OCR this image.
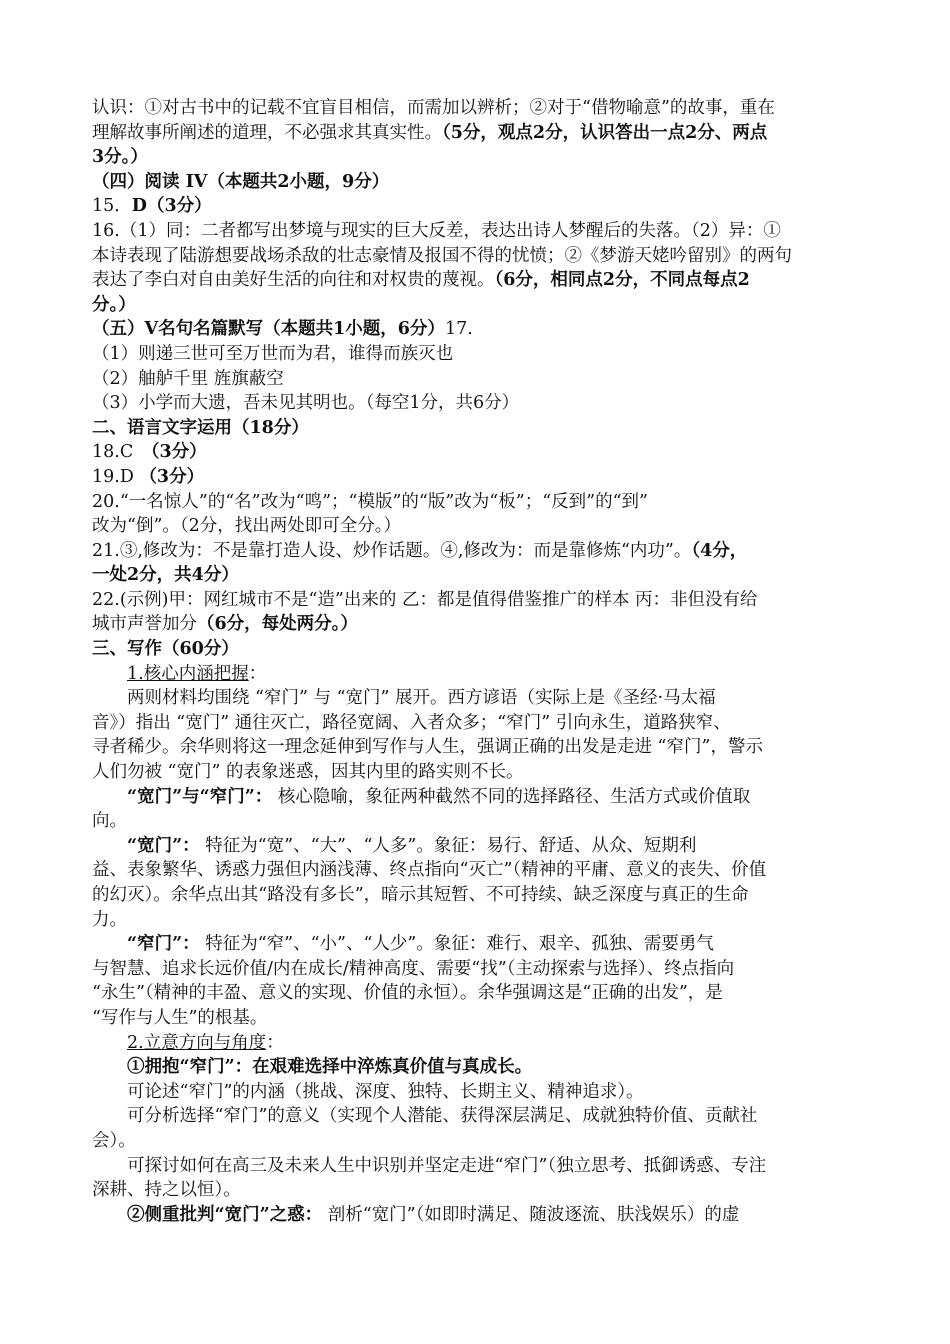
认识：①对古书中的记载不宜盲目相信，而需加以辨析；②对于“借物喻意”的故事，重在
理解故事所阐述的道理，不必强求其真实性。（5分，观点2分，认识答出一点2分、两点
3分。）
（四）阅读 IV（本题共2小题，9分）
15．D（3分）
16.（1）同：二者都写出梦境与现实的巨大反差，表达出诗人梦醒后的失落。（2）异：①
本诗表现了陆游想要战场杀敌的壮志豪情及报国不得的忧愤；②《梦游天姥吟留别》的两句
表达了李白对自由美好生活的向往和对权贵的蔑视。（6分，相同点2分，不同点每点2
分。）
（五）V名句名篇默写（本题共1小题，6分）17.
（1）则递三世可至万世而为君，谁得而族灭也
（2）舳舻千里 旌旗蔽空
（3）小学而大遗，吾未见其明也。（每空1分，共6分）
二、语言文字运用（18分）
18.C　（3分）
19.D （3分）
20.“一名惊人”的“名”改为“鸣”；“模版”的“版”改为“板”；“反到”的“到”
改为“倒”。（2分，找出两处即可全分。）
21.③,修改为：不是靠打造人设、炒作话题。④,修改为：而是靠修炼“内功”。（4分，
一处2分，共4分）
22.(示例)甲：网红城市不是“造”出来的 乙：都是值得借鉴推广的样本 丙：非但没有给
城市声誉加分（6分，每处两分。）
三、写作（60分）
1.核心内涵把握：
两则材料均围绕 “窄门” 与 “宽门” 展开。西方谚语（实际上是《圣经·马太福
音》）指出 “宽门” 通往灭亡，路径宽阔、入者众多；“窄门” 引向永生，道路狭窄、
寻者稀少。余华则将这一理念延伸到写作与人生，强调正确的出发是走进 “窄门”，警示
人们勿被 “宽门” 的表象迷惑，因其内里的路实则不长。
“宽门”与“窄门”： 核心隐喻，象征两种截然不同的选择路径、生活方式或价值取
向。
“宽门”： 特征为“宽”、“大”、“人多”。象征：易行、舒适、从众、短期利
益、表象繁华、诱惑力强但内涵浅薄、终点指向“灭亡”（精神的平庸、意义的丧失、价值
的幻灭）。余华点出其“路没有多长”，暗示其短暂、不可持续、缺乏深度与真正的生命
力。
“窄门”： 特征为“窄”、“小”、“人少”。象征：难行、艰辛、孤独、需要勇气
与智慧、追求长远价值/内在成长/精神高度、需要“找”（主动探索与选择）、终点指向
“永生”（精神的丰盈、意义的实现、价值的永恒）。余华强调这是“正确的出发”，是
“写作与人生”的根基。
2.立意方向与角度：
①拥抱“窄门”：在艰难选择中淬炼真价值与真成长。
可论述“窄门”的内涵（挑战、深度、独特、长期主义、精神追求）。
可分析选择“窄门”的意义（实现个人潜能、获得深层满足、成就独特价值、贡献社
会）。
可探讨如何在高三及未来人生中识别并坚定走进“窄门”（独立思考、抵御诱惑、专注
深耕、持之以恒）。
②侧重批判“宽门”之惑： 剖析“宽门”（如即时满足、随波逐流、肤浅娱乐）的虚
